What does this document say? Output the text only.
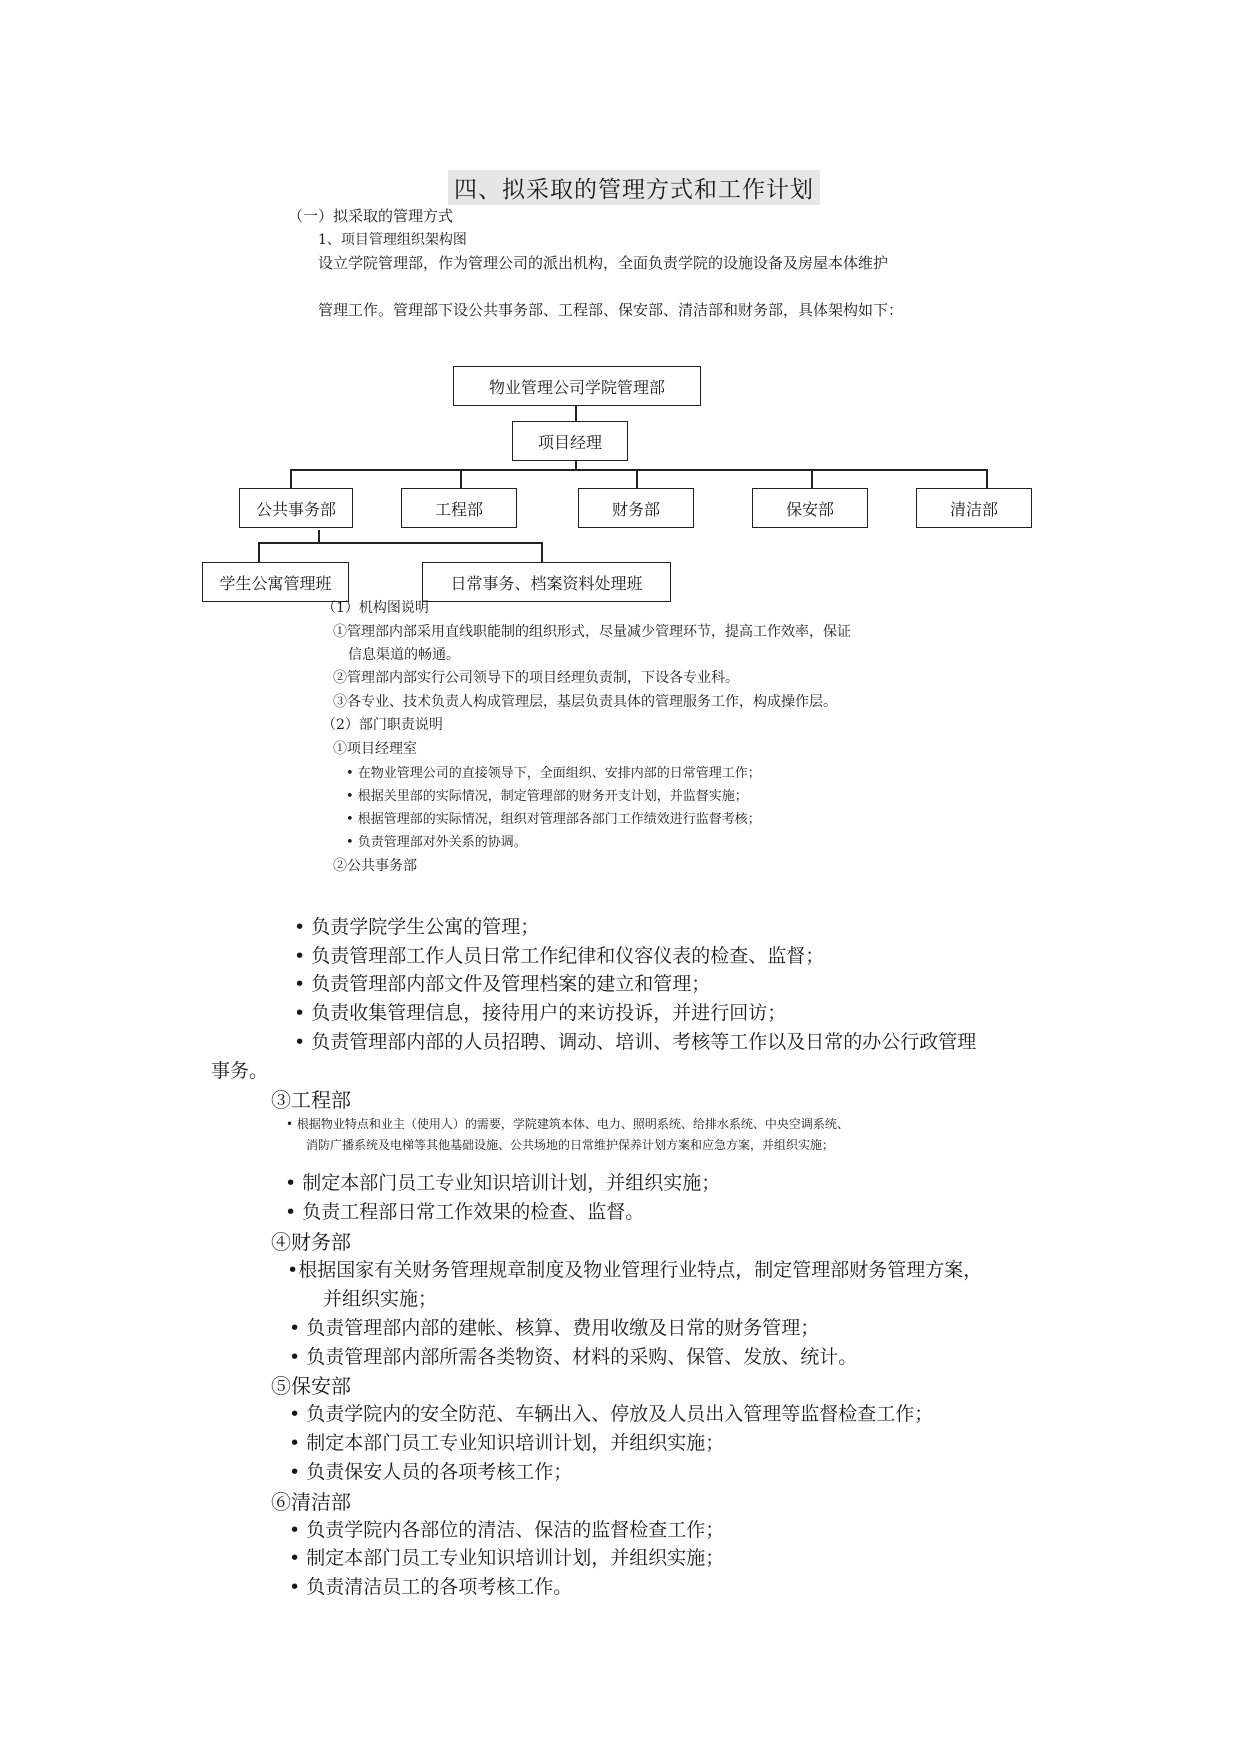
四、拟采取的管理方式和工作计划
（一）拟采取的管理方式
1、项目管理组织架构图
设立学院管理部，作为管理公司的派出机构，全面负责学院的设施设备及房屋本体维护
管理工作。管理部下设公共事务部、工程部、保安部、清洁部和财务部，具体架构如下：
物业管理公司学院管理部
项目经理
公共事务部	工程部	财务部	保安部	清洁部
学生公寓管理班	日常事务、档案资料处理班
（1）机构图说明
①管理部内部采用直线职能制的组织形式，尽量减少管理环节，提高工作效率，保证
信息渠道的畅通。
②管理部内部实行公司领导下的项目经理负责制，下设各专业科。
③各专业、技术负责人构成管理层，基层负责具体的管理服务工作，构成操作层。
（2）部门职责说明
①项目经理室
• 在物业管理公司的直接领导下，全面组织、安排内部的日常管理工作；
• 根据关里部的实际情况，制定管理部的财务开支计划，并监督实施；
• 根据管理部的实际情况，组织对管理部各部门工作绩效进行监督考核；
• 负责管理部对外关系的协调。
②公共事务部
• 负责学院学生公寓的管理；
• 负责管理部工作人员日常工作纪律和仪容仪表的检查、监督；
• 负责管理部内部文件及管理档案的建立和管理；
• 负责收集管理信息，接待用户的来访投诉，并进行回访；
• 负责管理部内部的人员招聘、调动、培训、考核等工作以及日常的办公行政管理
事务。
③工程部
• 根据物业特点和业主（使用人）的需要，学院建筑本体、电力、照明系统、给排水系统、中央空调系统、
消防广播系统及电梯等其他基础设施、公共场地的日常维护保养计划方案和应急方案，并组织实施；
• 制定本部门员工专业知识培训计划，并组织实施；
• 负责工程部日常工作效果的检查、监督。
④财务部
•根据国家有关财务管理规章制度及物业管理行业特点，制定管理部财务管理方案，
并组织实施；
• 负责管理部内部的建帐、核算、费用收缴及日常的财务管理；
• 负责管理部内部所需各类物资、材料的采购、保管、发放、统计。
⑤保安部
• 负责学院内的安全防范、车辆出入、停放及人员出入管理等监督检查工作；
• 制定本部门员工专业知识培训计划，并组织实施；
• 负责保安人员的各项考核工作；
⑥清洁部
• 负责学院内各部位的清洁、保洁的监督检查工作；
• 制定本部门员工专业知识培训计划，并组织实施；
• 负责清洁员工的各项考核工作。
